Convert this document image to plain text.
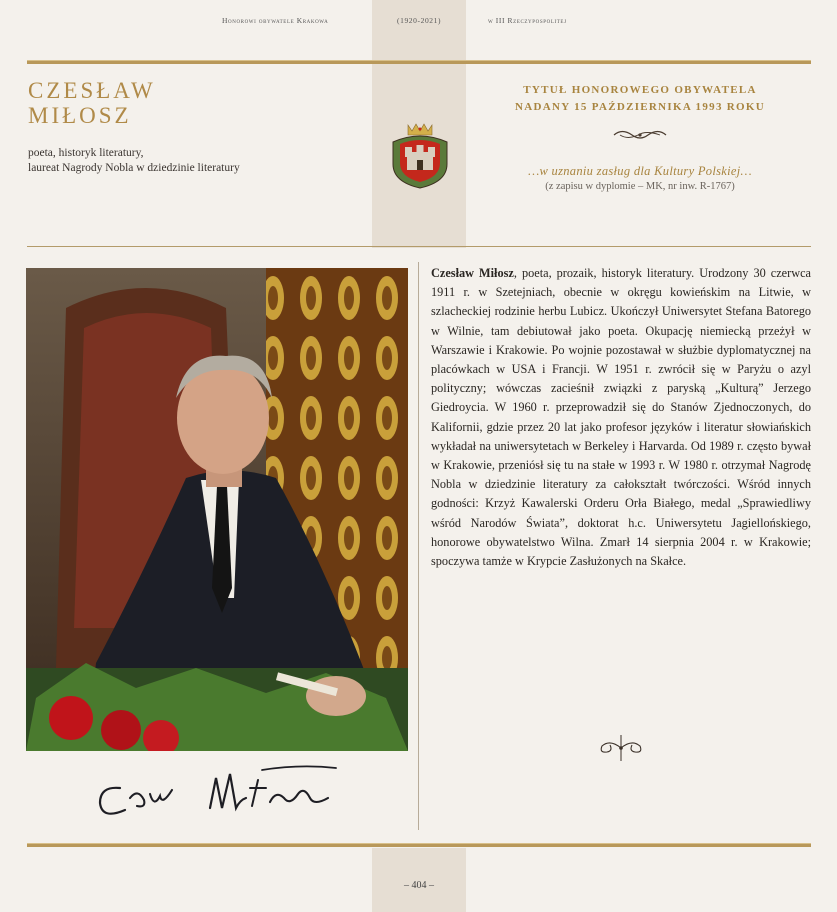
Honorowi obywatele Krakowa	(1920-2021)	w III Rzeczypospolitej
CZESŁAW
MIŁOSZ
poeta, historyk literatury,
laureat Nagrody Nobla w dziedzinie literatury
TYTUŁ HONOROWEGO OBYWATELA
NADANY 15 PAŹDZIERNIKA 1993 ROKU
…w uznaniu zasług dla Kultury Polskiej…
(z zapisu w dyplomie – MK, nr inw. R-1767)
Czesław Miłosz, poeta, prozaik, historyk literatury. Urodzony 30 czerwca 1911 r. w Szetejniach, obecnie w okręgu kowieńskim na Litwie, w szlacheckiej rodzinie herbu Lubicz. Ukończył Uniwersytet Stefana Batorego w Wilnie, tam debiutował jako poeta. Okupację niemiecką przeżył w Warszawie i Krakowie. Po wojnie pozostawał w służbie dyplomatycznej na placówkach w USA i Francji. W 1951 r. zwrócił się w Paryżu o azyl polityczny; wówczas zacieśnił związki z paryską „Kulturą” Jerzego Giedroycia. W 1960 r. przeprowadził się do Stanów Zjednoczonych, do Kalifornii, gdzie przez 20 lat jako profesor języków i literatur słowiańskich wykładał na uniwersytetach w Berkeley i Harvarda. Od 1989 r. często bywał w Krakowie, przeniósł się tu na stałe w 1993 r. W 1980 r. otrzymał Nagrodę Nobla w dziedzinie literatury za całokształt twórczości. Wśród innych godności: Krzyż Kawalerski Orderu Orła Białego, medal „Sprawiedliwy wśród Narodów Świata”, doktorat h.c. Uniwersytetu Jagiellońskiego, honorowe obywatelstwo Wilna. Zmarł 14 sierpnia 2004 r. w Krakowie; spoczywa tamże w Krypcie Zasłużonych na Skałce.
– 404 –
